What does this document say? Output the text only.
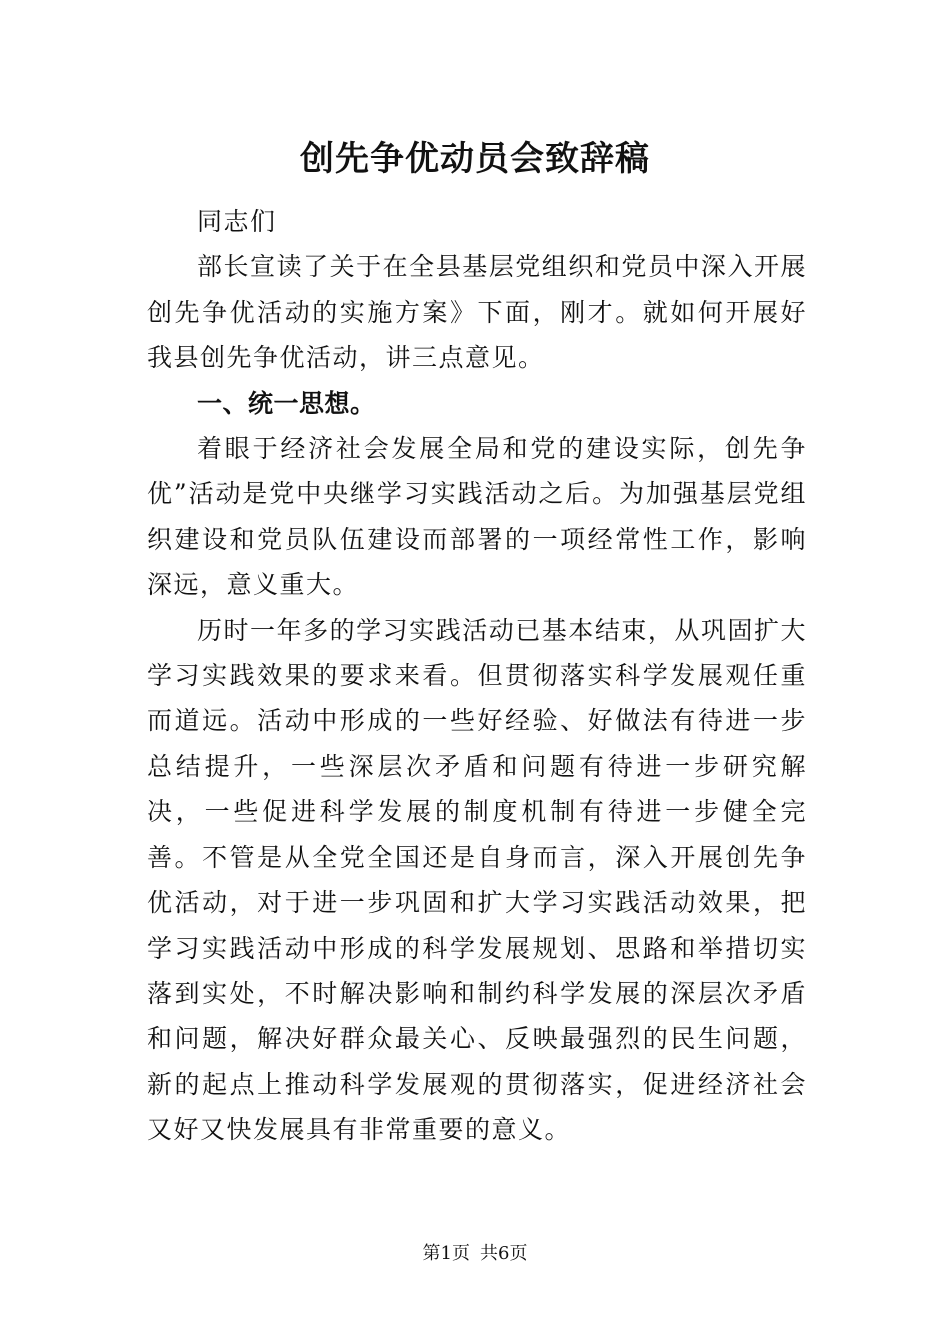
创先争优动员会致辞稿

同志们

部长宣读了关于在全县基层党组织和党员中深入开展创先争优活动的实施方案》下面，刚才。就如何开展好我县创先争优活动，讲三点意见。

一、统一思想。

着眼于经济社会发展全局和党的建设实际，创先争优”活动是党中央继学习实践活动之后。为加强基层党组织建设和党员队伍建设而部署的一项经常性工作，影响深远，意义重大。

历时一年多的学习实践活动已基本结束，从巩固扩大学习实践效果的要求来看。但贯彻落实科学发展观任重而道远。活动中形成的一些好经验、好做法有待进一步总结提升，一些深层次矛盾和问题有待进一步研究解决，一些促进科学发展的制度机制有待进一步健全完善。不管是从全党全国还是自身而言，深入开展创先争优活动，对于进一步巩固和扩大学习实践活动效果，把学习实践活动中形成的科学发展规划、思路和举措切实落到实处，不时解决影响和制约科学发展的深层次矛盾和问题，解决好群众最关心、反映最强烈的民生问题，新的起点上推动科学发展观的贯彻落实，促进经济社会又好又快发展具有非常重要的意义。

第1页 共6页
